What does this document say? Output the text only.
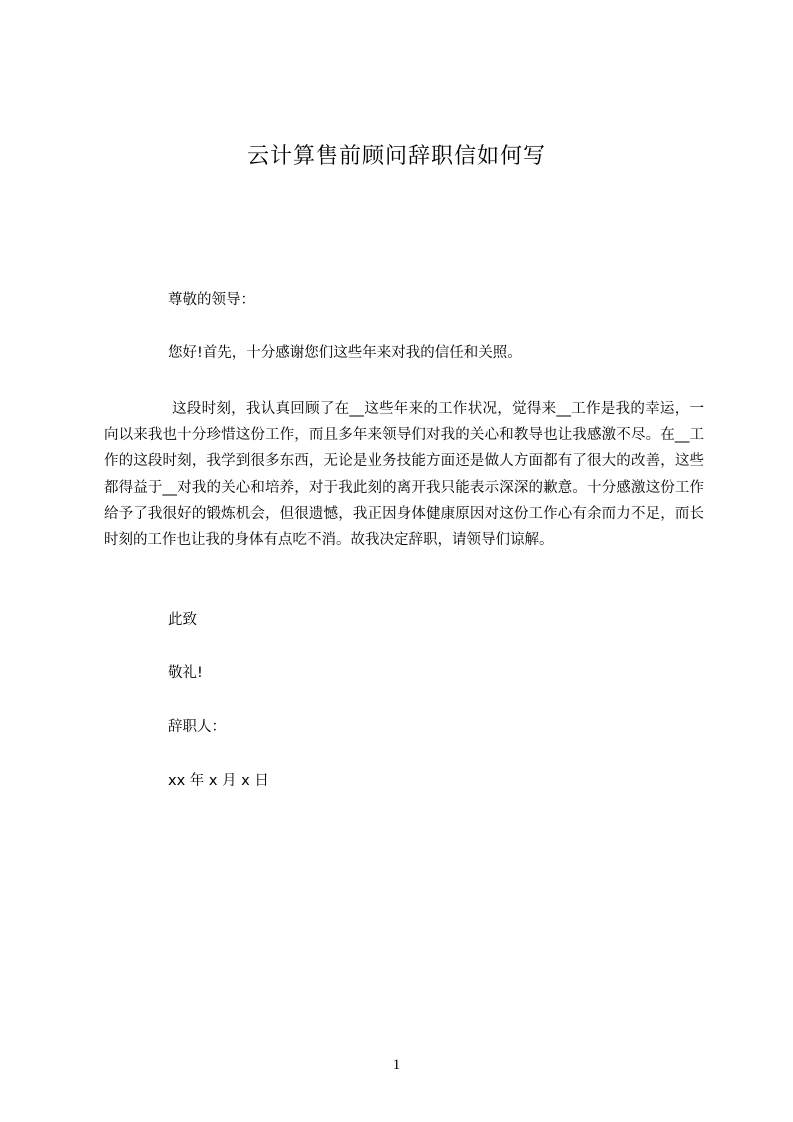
云计算售前顾问辞职信如何写
尊敬的领导：
您好!首先，十分感谢您们这些年来对我的信任和关照。
这段时刻，我认真回顾了在__这些年来的工作状况，觉得来__工作是我的幸运，一向以来我也十分珍惜这份工作，而且多年来领导们对我的关心和教导也让我感激不尽。在__工作的这段时刻，我学到很多东西，无论是业务技能方面还是做人方面都有了很大的改善，这些都得益于__对我的关心和培养，对于我此刻的离开我只能表示深深的歉意。十分感激这份工作给予了我很好的锻炼机会，但很遗憾，我正因身体健康原因对这份工作心有余而力不足，而长时刻的工作也让我的身体有点吃不消。故我决定辞职，请领导们谅解。
此致
敬礼!
辞职人：
xx 年 x 月 x 日
1
